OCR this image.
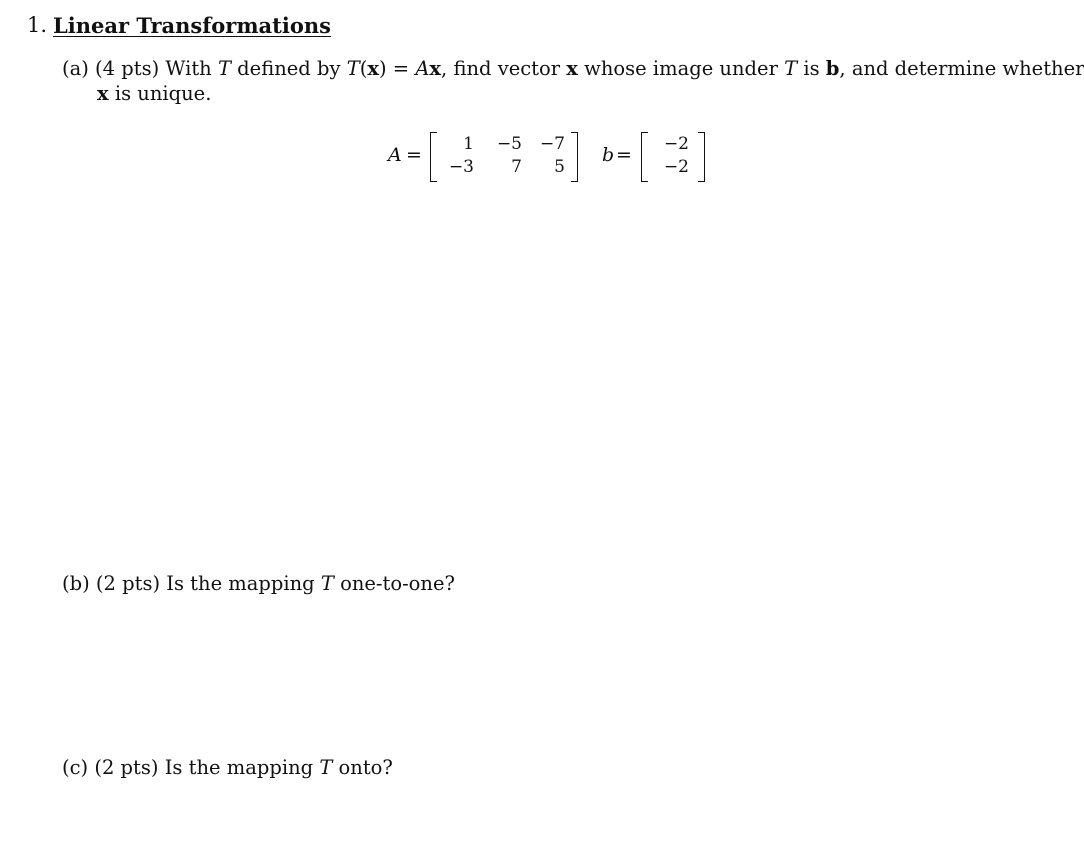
1. Linear Transformations
(a) (4 pts) With T defined by T(x) = Ax, find vector x whose image under T is b, and determine whether
x is unique.
A =	1	−5	−7
−3	7	5
b =	−2
−2
(b) (2 pts) Is the mapping T one-to-one?
(c) (2 pts) Is the mapping T onto?
